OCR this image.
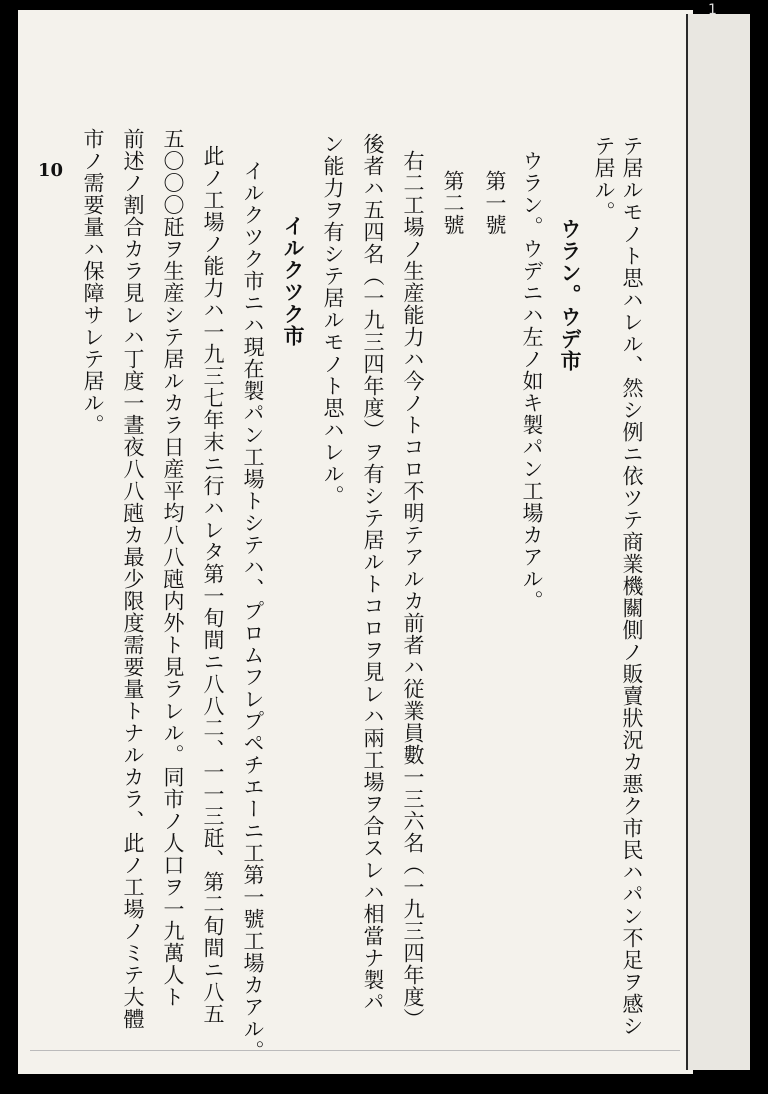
1
テ居ルモノト思ハレル、然シ例ニ依ツテ商業機關側ノ販賣狀況カ悪ク市民ハパン不足ヲ感シ
テ居ル。
ウラン。ウデ市
ウラン。ウデニハ左ノ如キ製パン工場カアル。
第一號
第二號
右二工場ノ生産能力ハ今ノトコロ不明テアルカ前者ハ従業員數一三六名（一九三四年度）
後者ハ五四名（一九三四年度）ヲ有シテ居ルトコロヲ見レハ兩工場ヲ合スレハ相當ナ製パ
ン能力ヲ有シテ居ルモノト思ハレル。
イルクツク市
イルクツク市ニハ現在製パン工場トシテハ、プロムフレプペチエーニ工第一號工場カアル。
此ノ工場ノ能力ハ一九三七年末ニ行ハレタ第一旬間ニ八八二、一一三瓩、第二旬間ニ八五
五〇〇〇瓩ヲ生産シテ居ルカラ日産平均八八瓲内外ト見ラレル。同市ノ人口ヲ一九萬人ト
前述ノ割合カラ見レハ丁度一晝夜八八瓲カ最少限度需要量トナルカラ、此ノ工場ノミテ大體
市ノ需要量ハ保障サレテ居ル。
10
